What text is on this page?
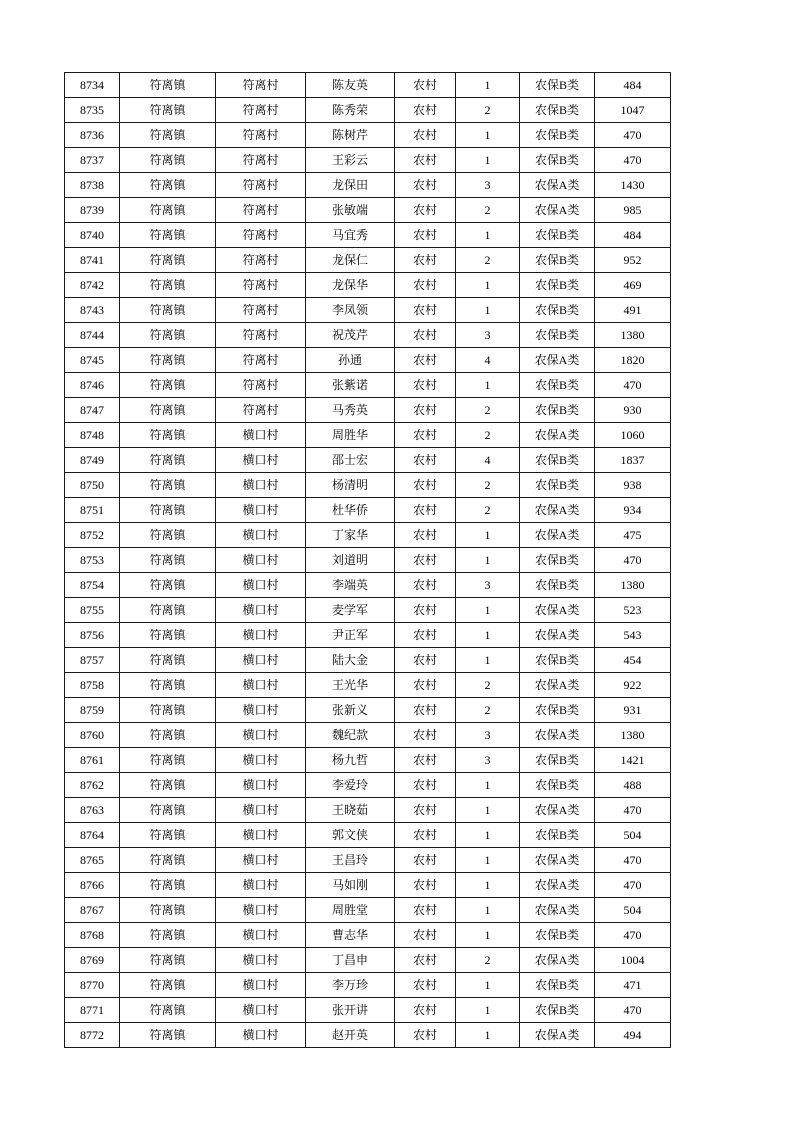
8734	符离镇	符离村	陈友英	农村	1	农保B类	484
8735	符离镇	符离村	陈秀荣	农村	2	农保B类	1047
8736	符离镇	符离村	陈树芹	农村	1	农保B类	470
8737	符离镇	符离村	王彩云	农村	1	农保B类	470
8738	符离镇	符离村	龙保田	农村	3	农保A类	1430
8739	符离镇	符离村	张敏端	农村	2	农保A类	985
8740	符离镇	符离村	马宜秀	农村	1	农保B类	484
8741	符离镇	符离村	龙保仁	农村	2	农保B类	952
8742	符离镇	符离村	龙保华	农村	1	农保B类	469
8743	符离镇	符离村	李凤领	农村	1	农保B类	491
8744	符离镇	符离村	祝茂芹	农村	3	农保B类	1380
8745	符离镇	符离村	孙通	农村	4	农保A类	1820
8746	符离镇	符离村	张紫诺	农村	1	农保B类	470
8747	符离镇	符离村	马秀英	农村	2	农保B类	930
8748	符离镇	横口村	周胜华	农村	2	农保A类	1060
8749	符离镇	横口村	邵士宏	农村	4	农保B类	1837
8750	符离镇	横口村	杨清明	农村	2	农保B类	938
8751	符离镇	横口村	杜华侨	农村	2	农保A类	934
8752	符离镇	横口村	丁家华	农村	1	农保A类	475
8753	符离镇	横口村	刘道明	农村	1	农保B类	470
8754	符离镇	横口村	李端英	农村	3	农保B类	1380
8755	符离镇	横口村	麦学军	农村	1	农保A类	523
8756	符离镇	横口村	尹正军	农村	1	农保A类	543
8757	符离镇	横口村	陆大金	农村	1	农保B类	454
8758	符离镇	横口村	王光华	农村	2	农保A类	922
8759	符离镇	横口村	张新义	农村	2	农保B类	931
8760	符离镇	横口村	魏纪款	农村	3	农保A类	1380
8761	符离镇	横口村	杨九哲	农村	3	农保B类	1421
8762	符离镇	横口村	李爱玲	农村	1	农保B类	488
8763	符离镇	横口村	王晓茹	农村	1	农保A类	470
8764	符离镇	横口村	郭文侠	农村	1	农保B类	504
8765	符离镇	横口村	王昌玲	农村	1	农保A类	470
8766	符离镇	横口村	马如刚	农村	1	农保A类	470
8767	符离镇	横口村	周胜堂	农村	1	农保A类	504
8768	符离镇	横口村	曹志华	农村	1	农保B类	470
8769	符离镇	横口村	丁昌申	农村	2	农保A类	1004
8770	符离镇	横口村	李万珍	农村	1	农保B类	471
8771	符离镇	横口村	张开讲	农村	1	农保B类	470
8772	符离镇	横口村	赵开英	农村	1	农保A类	494
